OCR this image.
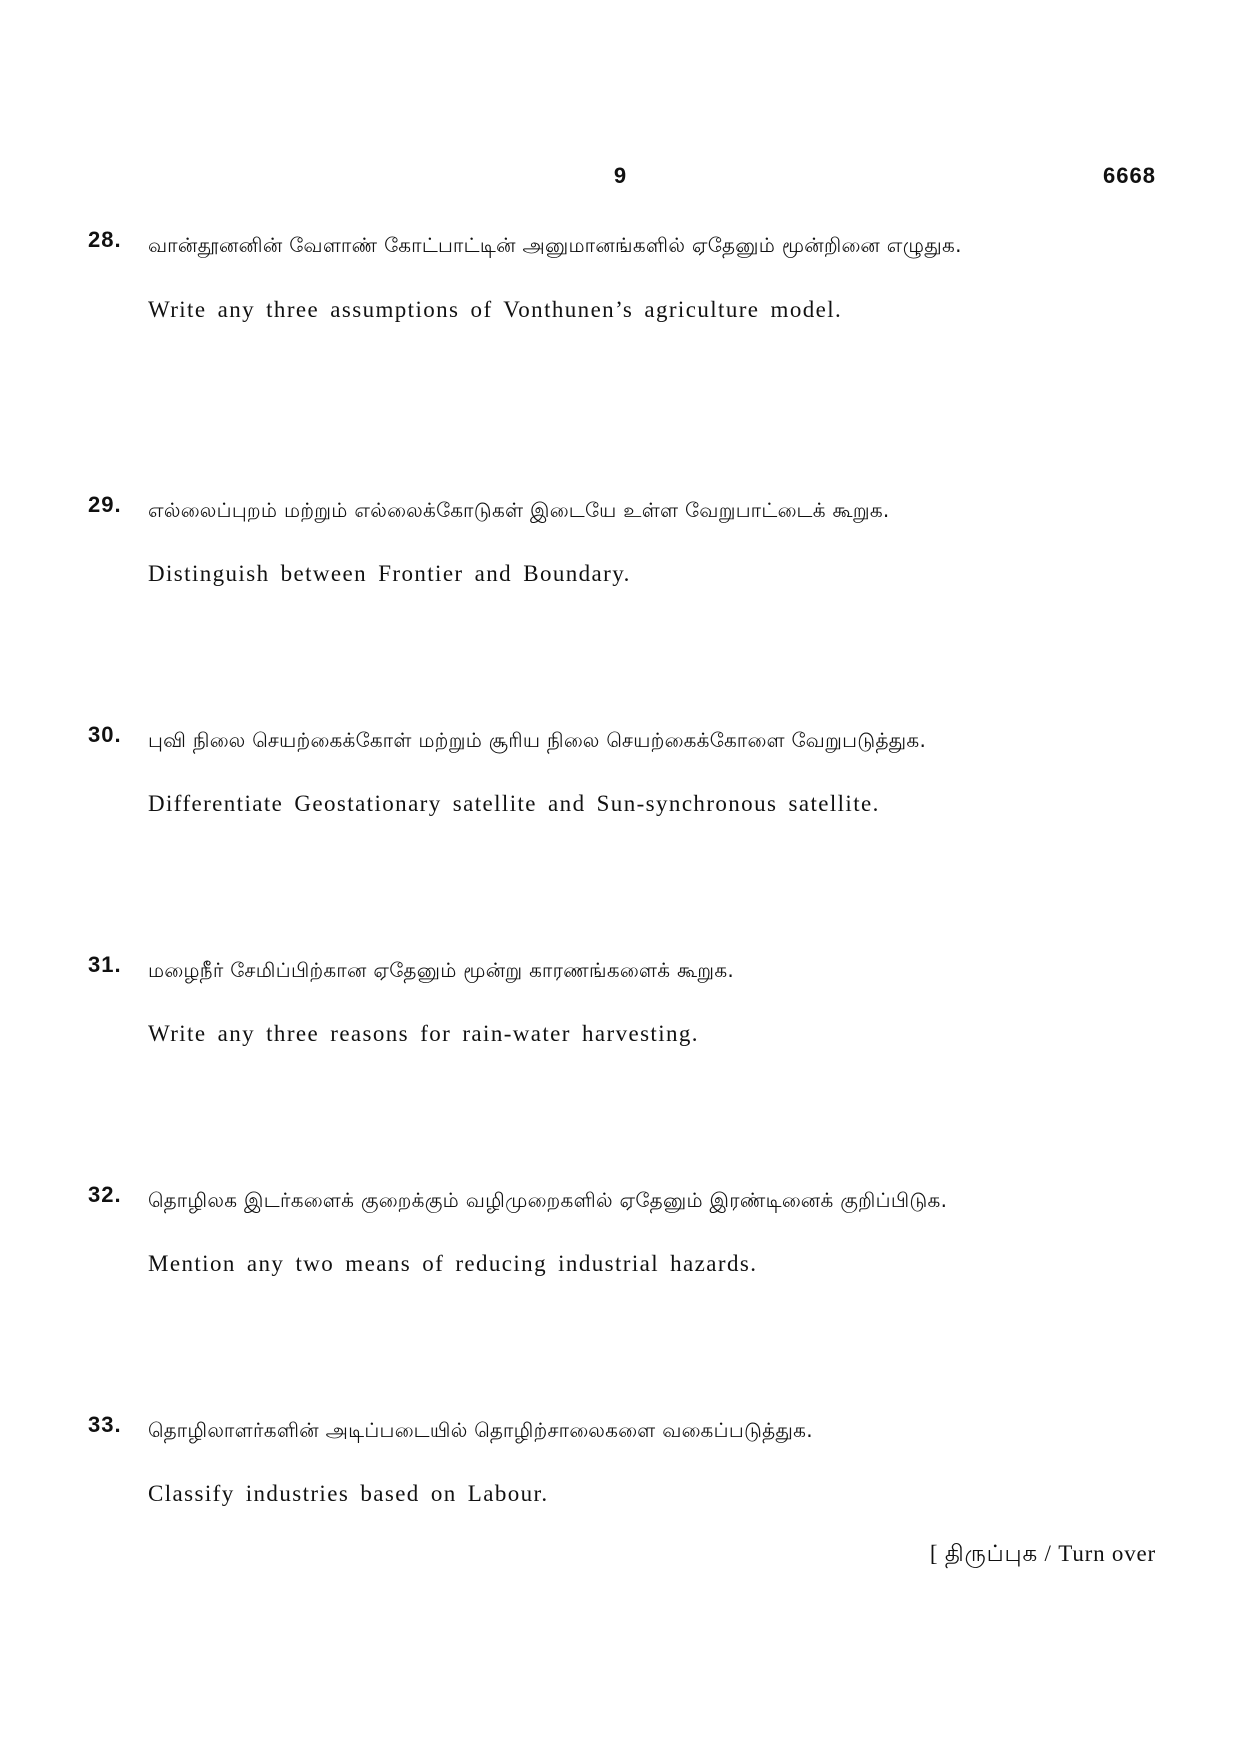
9	6668
28. வான்தூனனின் வேளாண் கோட்பாட்டின் அனுமானங்களில் ஏதேனும் மூன்றினை எழுதுக.
Write any three assumptions of Vonthunen’s agriculture model.
29. எல்லைப்புறம் மற்றும் எல்லைக்கோடுகள் இடையே உள்ள வேறுபாட்டைக் கூறுக.
Distinguish between Frontier and Boundary.
30. புவி நிலை செயற்கைக்கோள் மற்றும் சூரிய நிலை செயற்கைக்கோளை வேறுபடுத்துக.
Differentiate Geostationary satellite and Sun-synchronous satellite.
31. மழைநீர் சேமிப்பிற்கான ஏதேனும் மூன்று காரணங்களைக் கூறுக.
Write any three reasons for rain-water harvesting.
32. தொழிலக இடர்களைக் குறைக்கும் வழிமுறைகளில் ஏதேனும் இரண்டினைக் குறிப்பிடுக.
Mention any two means of reducing industrial hazards.
33. தொழிலாளர்களின் அடிப்படையில் தொழிற்சாலைகளை வகைப்படுத்துக.
Classify industries based on Labour.
[ திருப்புக / Turn over
